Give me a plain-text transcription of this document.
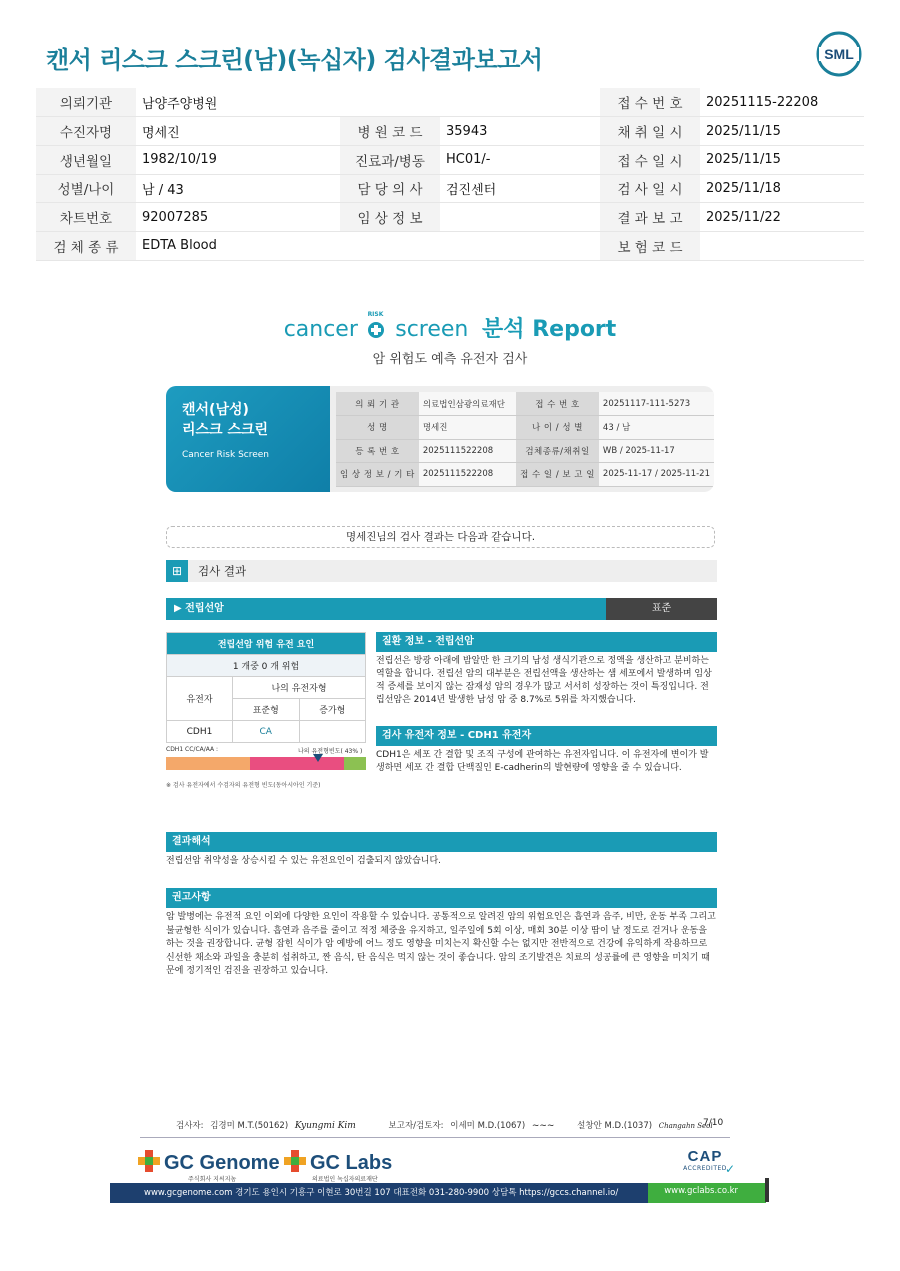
캔서 리스크 스크린(남)(녹십자) 검사결과보고서	SML
의뢰기관	남양주양병원			접 수 번 호	20251115-22208
수진자명	명세진	병 원 코 드	35943	채 취 일 시	2025/11/15
생년월일	1982/10/19	진료과/병동	HC01/-	접 수 일 시	2025/11/15
성별/나이	남 / 43	담 당 의 사	검진센터	검 사 일 시	2025/11/18
차트번호	92007285	임 상 정 보		결 과 보 고	2025/11/22
검 체 종 류	EDTA Blood			보 험 코 드	
cancer
RISK
screen 분석 Report
암 위험도 예측 유전자 검사
캔서(남성)
리스크 스크린
Cancer Risk Screen
의 뢰 기 관	의료법인삼광의료재단	접 수 번 호	20251117-111-5273
성 명	명세진	나 이 / 성 별	43 / 남
등 록 번 호	2025111522208	검체종류/채취일	WB / 2025-11-17
임 상 정 보 / 기 타	2025111522208	접 수 일 / 보 고 일	2025-11-17 / 2025-11-21
명세진님의 검사 결과는 다음과 같습니다.
⊞	검사 결과
▶ 전립선암	표준
전립선암 위험 유전 요인		
1 개중 0 개 위험		
유전자	나의 유전자형	
	표준형	증가형
CDH1	CA	
CDH1 CC/CA/AA :	나의 유전형빈도( 43% )
※ 검사 유전자에서 수검자의 유전형 빈도(동아시아인 기준)
질환 정보 - 전립선암
전립선은 방광 아래에 밤알만 한 크기의 남성 생식기관으로 정액을 생산하고 분비하는 역할을 합니다. 전립선 암의 대부분은 전립선액을 생산하는 샘 세포에서 발생하며 임상적 증세를 보이지 않는 잠재성 암의 경우가 많고 서서히 성장하는 것이 특징입니다. 전립선암은 2014년 발생한 남성 암 중 8.7%로 5위를 차지했습니다.
검사 유전자 정보 - CDH1 유전자
CDH1은 세포 간 결합 및 조직 구성에 관여하는 유전자입니다. 이 유전자에 변이가 발생하면 세포 간 결합 단백질인 E-cadherin의 발현량에 영향을 줄 수 있습니다.
결과해석
전립선암 취약성을 상승시킬 수 있는 유전요인이 검출되지 않았습니다.
권고사항
암 발병에는 유전적 요인 이외에 다양한 요인이 작용할 수 있습니다. 공통적으로 알려진 암의 위험요인은 흡연과 음주, 비만, 운동 부족 그리고 불균형한 식이가 있습니다. 흡연과 음주를 줄이고 적정 체중을 유지하고, 일주일에 5회 이상, 매회 30분 이상 땀이 날 정도로 걷거나 운동을 하는 것을 권장합니다. 균형 잡힌 식이가 암 예방에 어느 정도 영향을 미치는지 확신할 수는 없지만 전반적으로 건강에 유익하게 작용하므로 신선한 채소와 과일을 충분히 섭취하고, 짠 음식, 탄 음식은 먹지 않는 것이 좋습니다. 암의 조기발견은 치료의 성공률에 큰 영향을 미치기 때문에 정기적인 검진을 권장하고 있습니다.
검사자: 김경미 M.T.(50162) Kyungmi Kim	보고자/검토자: 이세미 M.D.(1067) ~~~	설창안 M.D.(1037) Changahn Seol
7/10
GC Genome
주식회사 지씨지놈
GC Labs
의료법인 녹십자의료재단
CAP
ACCREDITED
✓
www.gcgenome.com 경기도 용인시 기흥구 이현로 30번길 107 대표전화 031-280-9900 상담톡 https://gccs.channel.io/	www.gclabs.co.kr
